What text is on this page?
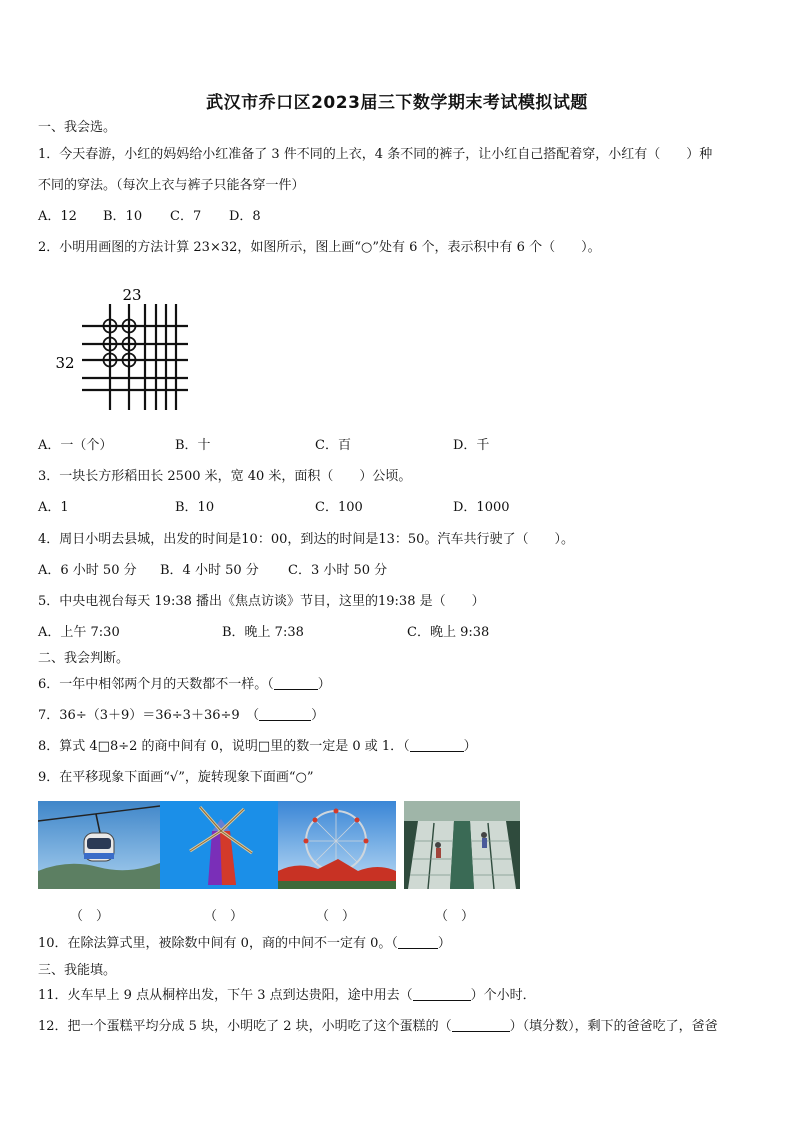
武汉市乔口区2023届三下数学期末考试模拟试题
一、我会选。
1．今天春游，小红的妈妈给小红准备了 3 件不同的上衣，4 条不同的裤子，让小红自己搭配着穿，小红有（　　）种
不同的穿法。（每次上衣与裤子只能各穿一件）
A．12 B．10 C．7 D．8
2．小明用画图的方法计算 23×32，如图所示，图上画“○”处有 6 个，表示积中有 6 个（　　）。
23
32
A．一（个）	B．十	C．百	D．千
3．一块长方形稻田长 2500 米，宽 40 米，面积（　　）公顷。
A．1	B．10	C．100	D．1000
4．周日小明去县城，出发的时间是10：00，到达的时间是13：50。汽车共行驶了（　　）。
A．6 小时 50 分 B．4 小时 50 分 C．3 小时 50 分
5．中央电视台每天 19:38 播出《焦点访谈》节目，这里的19:38 是（　　）
A．上午 7:30	B．晚上 7:38	C．晚上 9:38
二、我会判断。
6．一年中相邻两个月的天数都不一样。（	）
7．36÷（3＋9）＝36÷3＋36÷9　（	）
8．算式 4□8÷2 的商中间有 0，说明□里的数一定是 0 或 1．（	）
9．在平移现象下面画“√”，旋转现象下面画“○”
（　）	（　）	（　）	（　）
10．在除法算式里，被除数中间有 0，商的中间不一定有 0。（	）
三、我能填。
11．火车早上 9 点从桐梓出发，下午 3 点到达贵阳，途中用去（	）个小时．
12．把一个蛋糕平均分成 5 块，小明吃了 2 块，小明吃了这个蛋糕的（	）（填分数），剩下的爸爸吃了，爸爸
